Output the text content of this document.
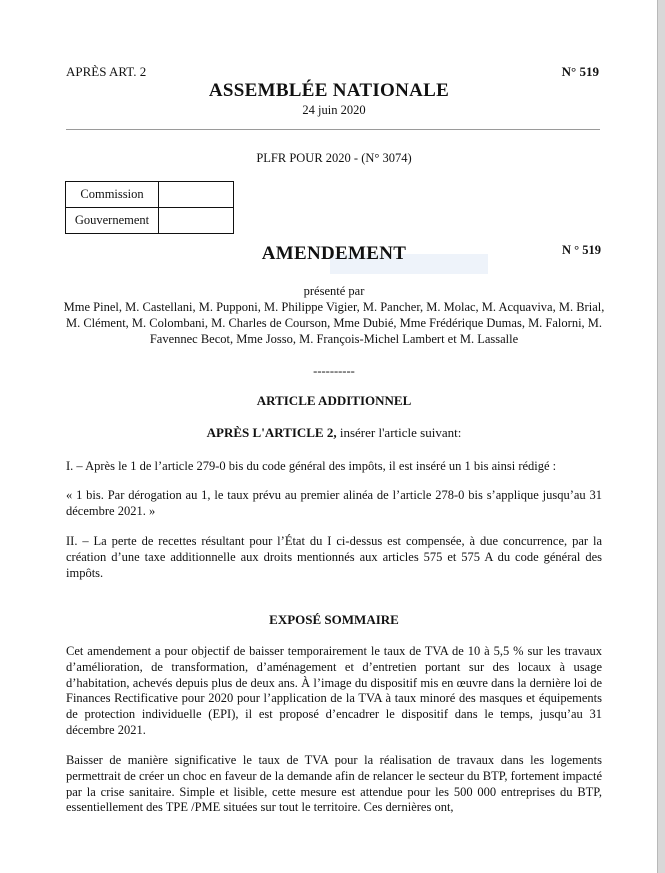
APRÈS ART. 2	N° 519
ASSEMBLÉE NATIONALE
24 juin 2020
PLFR POUR 2020 - (N° 3074)
Commission	
Gouvernement	
AMENDEMENT	N ° 519
présenté par
Mme Pinel, M. Castellani, M. Pupponi, M. Philippe Vigier, M. Pancher, M. Molac, M. Acquaviva, M. Brial, M. Clément, M. Colombani, M. Charles de Courson, Mme Dubié, Mme Frédérique Dumas, M. Falorni, M. Favennec Becot, Mme Josso, M. François-Michel Lambert et M. Lassalle
----------
ARTICLE ADDITIONNEL
APRÈS L'ARTICLE 2, insérer l'article suivant:
I. – Après le 1 de l’article 279-0 bis du code général des impôts, il est inséré un 1 bis ainsi rédigé :
« 1 bis. Par dérogation au 1, le taux prévu au premier alinéa de l’article 278-0 bis s’applique jusqu’au 31 décembre 2021. »
II. – La perte de recettes résultant pour l’État du I ci-dessus est compensée, à due concurrence, par la création d’une taxe additionnelle aux droits mentionnés aux articles 575 et 575 A du code général des impôts.
EXPOSÉ SOMMAIRE
Cet amendement a pour objectif de baisser temporairement le taux de TVA de 10 à 5,5 % sur les travaux d’amélioration, de transformation, d’aménagement et d’entretien portant sur des locaux à usage d’habitation, achevés depuis plus de deux ans. À l’image du dispositif mis en œuvre dans la dernière loi de Finances Rectificative pour 2020 pour l’application de la TVA à taux minoré des masques et équipements de protection individuelle (EPI), il est proposé d’encadrer le dispositif dans le temps, jusqu’au 31 décembre 2021.
Baisser de manière significative le taux de TVA pour la réalisation de travaux dans les logements permettrait de créer un choc en faveur de la demande afin de relancer le secteur du BTP, fortement impacté par la crise sanitaire. Simple et lisible, cette mesure est attendue pour les 500 000 entreprises du BTP, essentiellement des TPE /PME situées sur tout le territoire. Ces dernières ont,
